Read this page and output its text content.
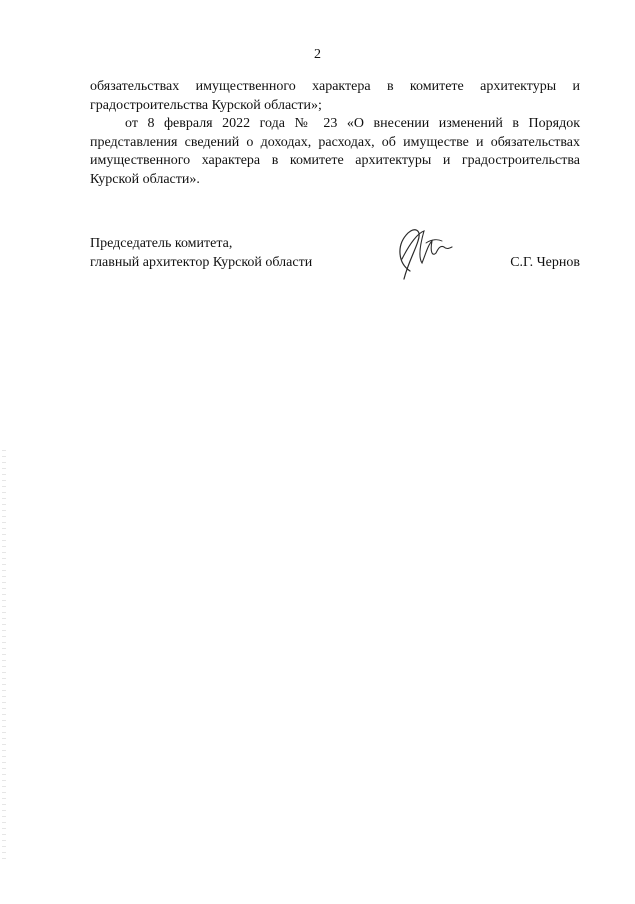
2

обязательствах имущественного характера в комитете архитектуры и градостроительства Курской области»;

от 8 февраля 2022 года № 23 «О внесении изменений в Порядок представления сведений о доходах, расходах, об имуществе и обязательствах имущественного характера в комитете архитектуры и градостроительства Курской области».

Председатель комитета,
главный архитектор Курской области	С.Г. Чернов
